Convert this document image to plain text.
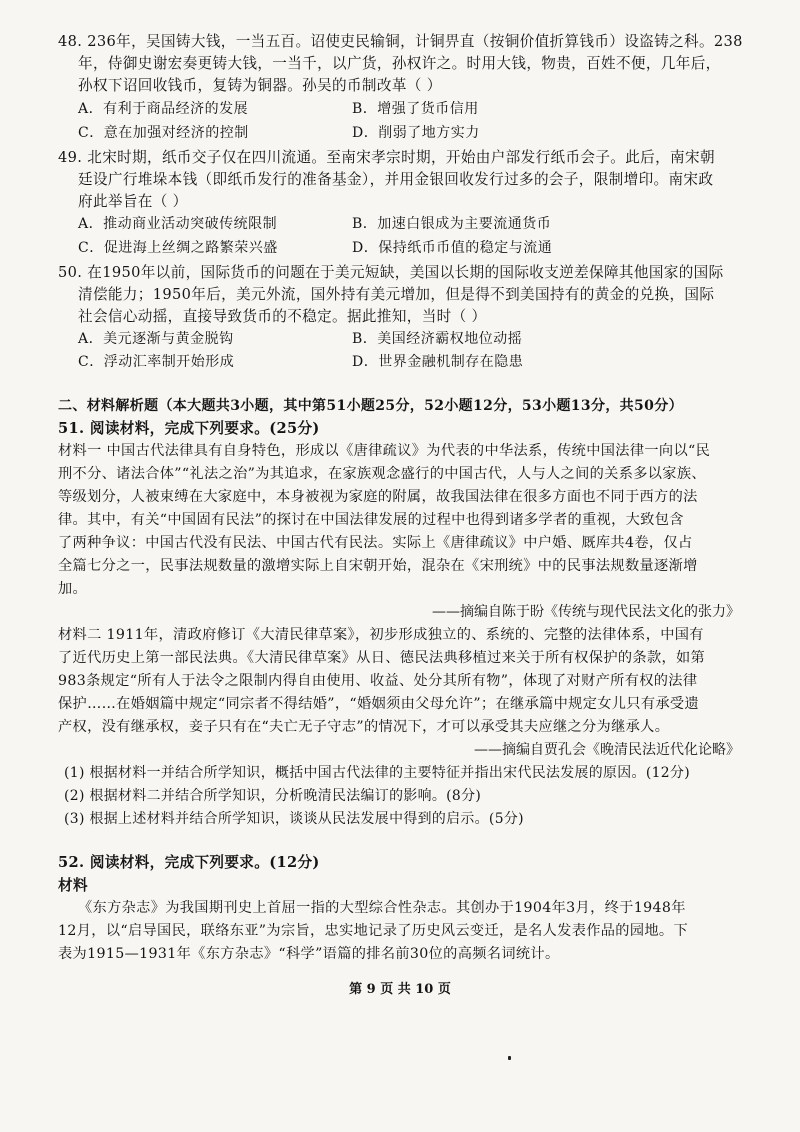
48. 236年，吴国铸大钱，一当五百。诏使吏民输铜，计铜畀直（按铜价值折算钱币）设盗铸之科。238
年，侍御史谢宏奏更铸大钱，一当千，以广货，孙权许之。时用大钱，物贵，百姓不便，几年后，
孙权下诏回收钱币，复铸为铜器。孙吴的币制改革（ ）
A．有利于商品经济的发展	B．增强了货币信用
C．意在加强对经济的控制	D．削弱了地方实力
49. 北宋时期，纸币交子仅在四川流通。至南宋孝宗时期，开始由户部发行纸币会子。此后，南宋朝
廷设广行堆垛本钱（即纸币发行的准备基金），并用金银回收发行过多的会子，限制增印。南宋政
府此举旨在（ ）
A．推动商业活动突破传统限制	B．加速白银成为主要流通货币
C．促进海上丝绸之路繁荣兴盛	D．保持纸币币值的稳定与流通
50. 在1950年以前，国际货币的问题在于美元短缺，美国以长期的国际收支逆差保障其他国家的国际
清偿能力；1950年后，美元外流，国外持有美元增加，但是得不到美国持有的黄金的兑换，国际
社会信心动摇，直接导致货币的不稳定。据此推知，当时（ ）
A．美元逐渐与黄金脱钩	B．美国经济霸权地位动摇
C．浮动汇率制开始形成	D．世界金融机制存在隐患
二、材料解析题（本大题共3小题，其中第51小题25分，52小题12分，53小题13分，共50分）
51. 阅读材料，完成下列要求。(25分)
材料一 中国古代法律具有自身特色，形成以《唐律疏议》为代表的中华法系，传统中国法律一向以“民
刑不分、诸法合体”“礼法之治”为其追求，在家族观念盛行的中国古代，人与人之间的关系多以家族、
等级划分，人被束缚在大家庭中，本身被视为家庭的附属，故我国法律在很多方面也不同于西方的法
律。其中，有关“中国固有民法”的探讨在中国法律发展的过程中也得到诸多学者的重视，大致包含
了两种争议：中国古代没有民法、中国古代有民法。实际上《唐律疏议》中户婚、厩库共4卷，仅占
全篇七分之一，民事法规数量的激增实际上自宋朝开始，混杂在《宋刑统》中的民事法规数量逐渐增
加。
——摘编自陈于盼《传统与现代民法文化的张力》
材料二 1911年，清政府修订《大清民律草案》，初步形成独立的、系统的、完整的法律体系，中国有
了近代历史上第一部民法典。《大清民律草案》从日、德民法典移植过来关于所有权保护的条款，如第
983条规定“所有人于法令之限制内得自由使用、收益、处分其所有物”，体现了对财产所有权的法律
保护……在婚姻篇中规定“同宗者不得结婚”，“婚姻须由父母允许”；在继承篇中规定女儿只有承受遗
产权，没有继承权，妾子只有在“夫亡无子守志”的情况下，才可以承受其夫应继之分为继承人。
——摘编自贾孔会《晚清民法近代化论略》
(1) 根据材料一并结合所学知识，概括中国古代法律的主要特征并指出宋代民法发展的原因。(12分)
(2) 根据材料二并结合所学知识，分析晚清民法编订的影响。(8分)
(3) 根据上述材料并结合所学知识，谈谈从民法发展中得到的启示。(5分)
52. 阅读材料，完成下列要求。(12分)
材料
《东方杂志》为我国期刊史上首屈一指的大型综合性杂志。其创办于1904年3月，终于1948年
12月，以“启导国民，联络东亚”为宗旨，忠实地记录了历史风云变迁，是名人发表作品的园地。下
表为1915—1931年《东方杂志》“科学”语篇的排名前30位的高频名词统计。
第 9 页 共 10 页
